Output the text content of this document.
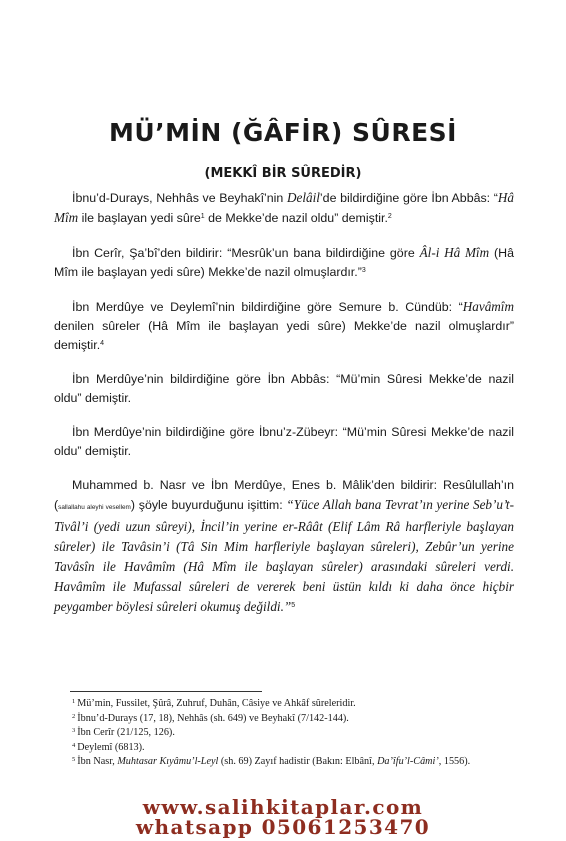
MÜ’MİN (ĞÂFİR) SÛRESİ
(MEKKÎ BİR SÛREDİR)

İbnu’d-Durays, Nehhâs ve Beyhakî’nin Delâil’de bildirdiğine göre İbn Abbâs: “Hâ Mîm ile başlayan yedi sûre$^1$ de Mekke’de nazil oldu” demiştir.$^2$

İbn Cerîr, Şa’bî’den bildirir: “Mesrûk’un bana bildirdiğine göre Âl-i Hâ Mîm (Hâ Mîm ile başlayan yedi sûre) Mekke’de nazil olmuşlardır.”$^3$

İbn Merdûye ve Deylemî’nin bildirdiğine göre Semure b. Cündüb: “Havâmîm denilen sûreler (Hâ Mîm ile başlayan yedi sûre) Mekke’de nazil olmuşlardır” demiştir.$^4$

İbn Merdûye’nin bildirdiğine göre İbn Abbâs: “Mü’min Sûresi Mekke’de nazil oldu” demiştir.

İbn Merdûye’nin bildirdiğine göre İbnu’z-Zübeyr: “Mü’min Sûresi Mekke’de nazil oldu” demiştir.

Muhammed b. Nasr ve İbn Merdûye, Enes b. Mâlik’den bildirir: Resûlullah’ın (sallallahu aleyhi vesellem) şöyle buyurduğunu işittim: “Yüce Allah bana Tevrat’ın yerine Seb’u’t-Tivâl’i (yedi uzun sûreyi), İncil’in yerine er-Râât (Elif Lâm Râ harfleriyle başlayan sûreler) ile Tavâsin’i (Tâ Sin Mim harfleriyle başlayan sûreleri), Zebûr’un yerine Tavâsîn ile Havâmîm (Hâ Mîm ile başlayan sûreler) arasındaki sûreleri verdi. Havâmîm ile Mufassal sûreleri de vererek beni üstün kıldı ki daha önce hiçbir peygamber böylesi sûreleri okumuş değildi.”$^5$

$^1$ Mü’min, Fussilet, Şûrâ, Zuhruf, Duhân, Câsiye ve Ahkâf sûreleridir.

$^2$ İbnu’d-Durays (17, 18), Nehhâs (sh. 649) ve Beyhakî (7/142-144).

$^3$ İbn Cerîr (21/125, 126).

$^4$ Deylemî (6813).

$^5$ İbn Nasr, Muhtasar Kıyâmu’l-Leyl (sh. 69) Zayıf hadistir (Bakın: Elbânî, Da’îfu’l-Câmi’, 1556).

www.salihkitaplar.com
whatsapp 05061253470
